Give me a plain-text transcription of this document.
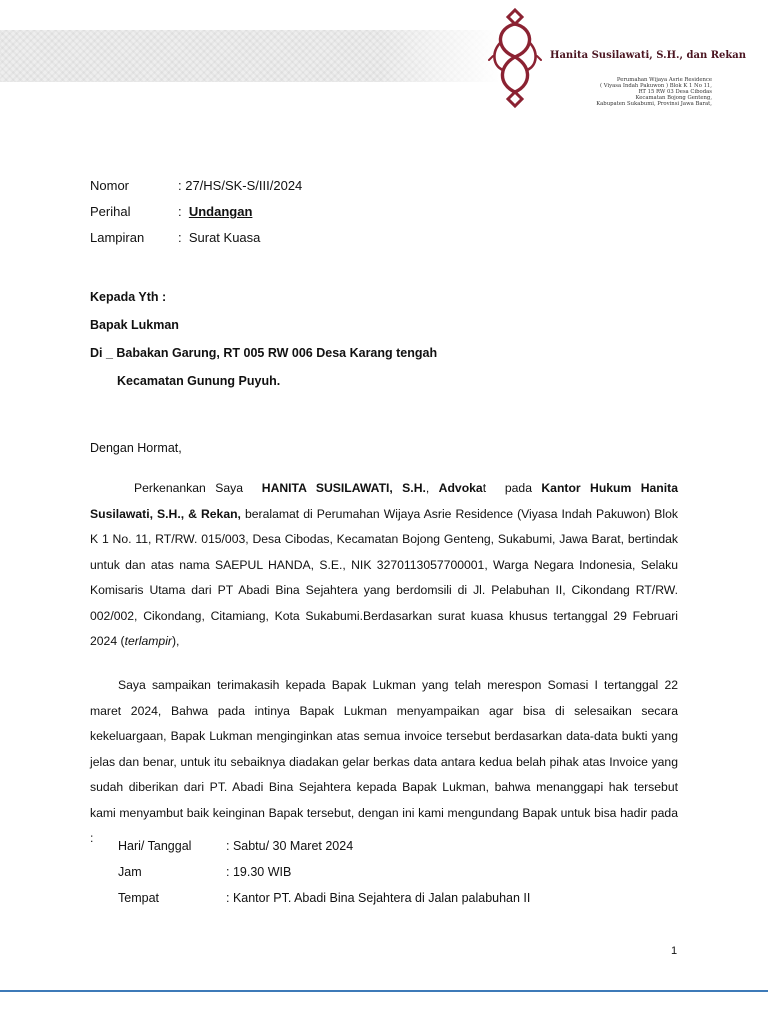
Hanita Susilawati, S.H., dan Rekan
Perumahan Wijaya Asrie Residence
( Viyasa Indah Pakuwon ) Blok K 1 No 11,
RT 15 RW 03 Desa Cibodas
Kecamatan Bojong Genteng,
Kabupaten Sukabumi, Provinsi Jawa Barat,
Nomor	: 27/HS/SK-S/III/2024
Perihal	:  Undangan
Lampiran	:  Surat Kuasa
Kepada Yth :
Bapak Lukman
Di _ Babakan Garung, RT 005 RW 006 Desa Karang tengah
Kecamatan Gunung Puyuh.
Dengan Hormat,
Perkenankan Saya  HANITA SUSILAWATI, S.H., Advokat  pada Kantor Hukum Hanita Susilawati, S.H., & Rekan, beralamat di Perumahan Wijaya Asrie Residence (Viyasa Indah Pakuwon) Blok K 1 No. 11, RT/RW. 015/003, Desa Cibodas, Kecamatan Bojong Genteng, Sukabumi, Jawa Barat, bertindak untuk dan atas nama SAEPUL HANDA, S.E., NIK 3270113057700001, Warga Negara Indonesia, Selaku Komisaris Utama dari PT Abadi Bina Sejahtera yang berdomsili di Jl. Pelabuhan II, Cikondang RT/RW. 002/002, Cikondang, Citamiang, Kota Sukabumi.Berdasarkan surat kuasa khusus tertanggal 29 Februari 2024 (terlampir),
Saya sampaikan terimakasih kepada Bapak Lukman yang telah merespon Somasi I tertanggal 22 maret 2024, Bahwa pada intinya Bapak Lukman menyampaikan agar bisa di selesaikan secara kekeluargaan, Bapak Lukman menginginkan atas semua invoice tersebut berdasarkan data-data bukti yang jelas dan benar, untuk itu sebaiknya diadakan gelar berkas data antara kedua belah pihak atas Invoice yang sudah diberikan dari PT. Abadi Bina Sejahtera kepada Bapak Lukman, bahwa menanggapi hak tersebut kami menyambut baik keinginan Bapak tersebut, dengan ini kami mengundang Bapak untuk bisa hadir pada :
Hari/ Tanggal	: Sabtu/ 30 Maret 2024
Jam	: 19.30 WIB
Tempat	: Kantor PT. Abadi Bina Sejahtera di Jalan palabuhan II
1
